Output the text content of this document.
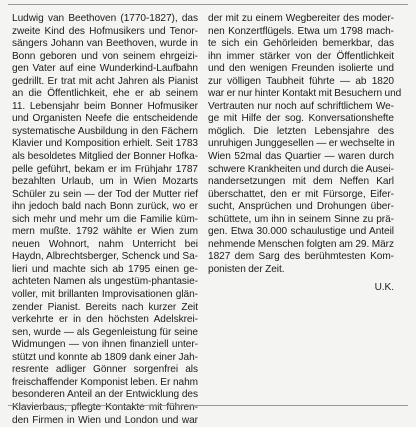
Ludwig van Beethoven (1770-1827), das
zweite Kind des Hofmusikers und Tenor-
sängers Johann van Beethoven, wurde in
Bonn geboren und von seinem ehrgeizi-
gen Vater auf eine Wunderkind-Laufbahn
gedrillt. Er trat mit acht Jahren als Pianist
an die Öffentlichkeit, ehe er ab seinem
11. Lebensjahr beim Bonner Hofmusiker
und Organisten Neefe die entscheidende
systematische Ausbildung in den Fächern
Klavier und Komposition erhielt. Seit 1783
als besoldetes Mitglied der Bonner Hofka-
pelle geführt, bekam er im Frühjahr 1787
bezahlten Urlaub, um in Wien Mozarts
Schüler zu sein — der Tod der Mutter rief
ihn jedoch bald nach Bonn zurück, wo er
sich mehr und mehr um die Familie küm-
mern mußte. 1792 wählte er Wien zum
neuen Wohnort, nahm Unterricht bei
Haydn, Albrechtsberger, Schenck und Sa-
lieri und machte sich ab 1795 einen ge-
achteten Namen als ungestüm-phantasie-
voller, mit brillanten Improvisationen glän-
zender Pianist. Bereits nach kurzer Zeit
verkehrte er in den höchsten Adelskrei-
sen, wurde — als Gegenleistung für seine
Widmungen — von ihnen finanziell unter-
stützt und konnte ab 1809 dank einer Jah-
resrente adliger Gönner sorgenfrei als
freischaffender Komponist leben. Er nahm
besonderen Anteil an der Entwicklung des
Klavierbaus, pflegte Kontakte mit führen-
den Firmen in Wien und London und war
der mit zu einem Wegbereiter des moder-
nen Konzertflügels. Etwa um 1798 mach-
te sich ein Gehörleiden bemerkbar, das
ihn immer stärker von der Öffentlichkeit
und den wenigen Freunden isolierte und
zur völligen Taubheit führte — ab 1820
war er nur hinter Kontakt mit Besuchern und
Vertrauten nur noch auf schriftlichem We-
ge mit Hilfe der sog. Konversationshefte
möglich. Die letzten Lebensjahre des
unruhigen Junggesellen — er wechselte in
Wien 52mal das Quartier — waren durch
schwere Krankheiten und durch die Ausei-
nandersetzungen mit dem Neffen Karl
überschattet, den er mit Fürsorge, Eifer-
sucht, Ansprüchen und Drohungen über-
schüttete, um ihn in seinem Sinne zu prä-
gen. Etwa 30.000 schaulustige und Anteil
nehmende Menschen folgten am 29. März
1827 dem Sarg des berühmtesten Kom-
ponisten der Zeit.
U.K.
